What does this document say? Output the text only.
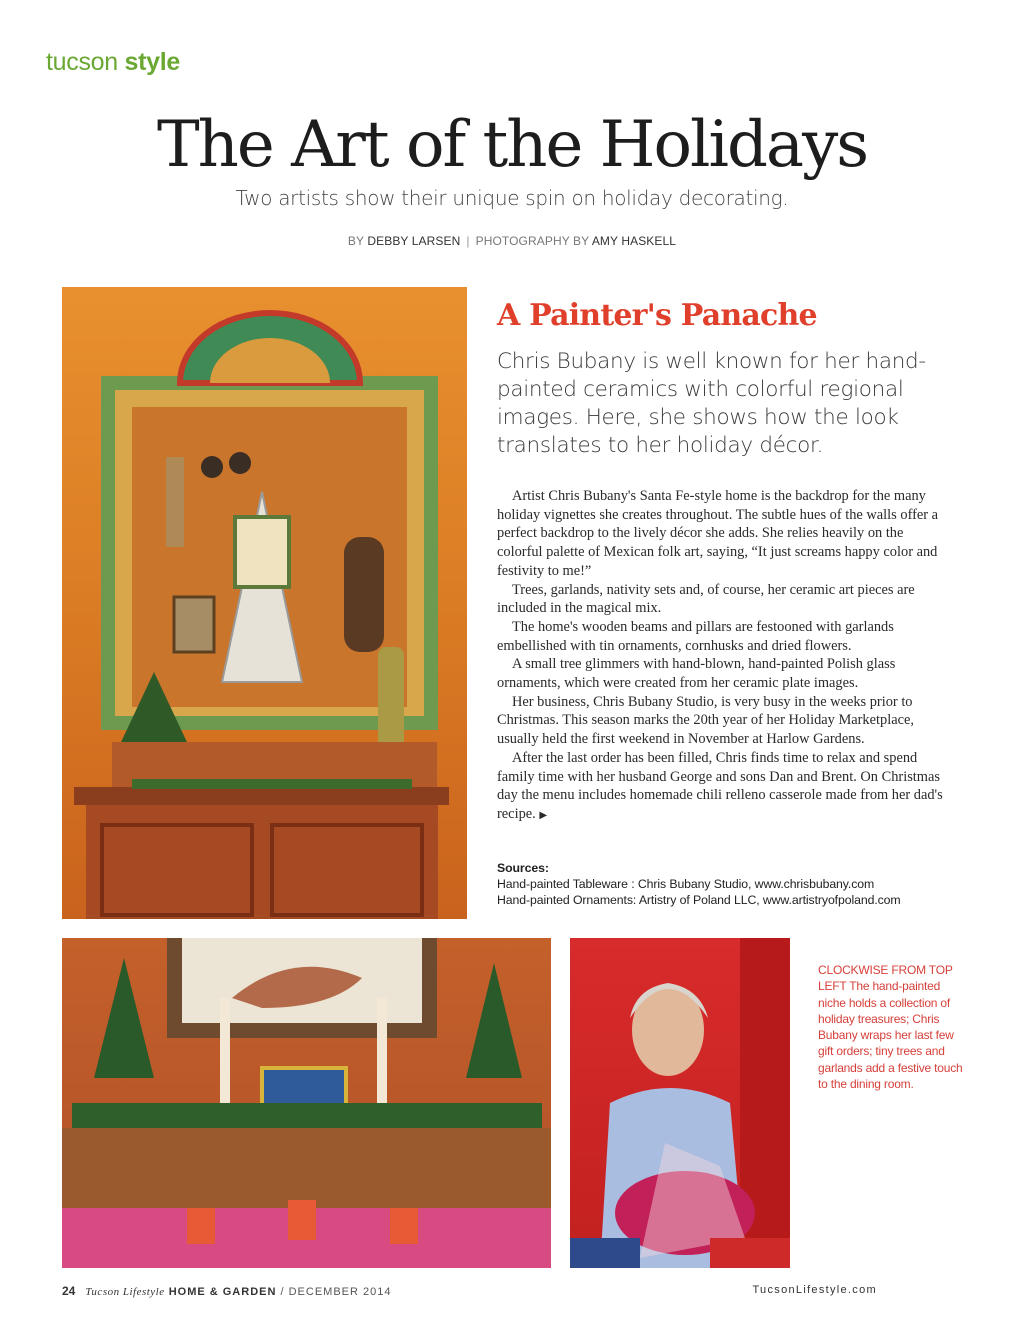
tucson style
The Art of the Holidays
Two artists show their unique spin on holiday decorating.
BY DEBBY LARSEN | PHOTOGRAPHY BY AMY HASKELL
A Painter's Panache
Chris Bubany is well known for her hand-painted ceramics with colorful regional images. Here, she shows how the look translates to her holiday décor.

Artist Chris Bubany's Santa Fe-style home is the backdrop for the many holiday vignettes she creates throughout. The subtle hues of the walls offer a perfect backdrop to the lively décor she adds. She relies heavily on the colorful palette of Mexican folk art, saying, “It just screams happy color and festivity to me!”

Trees, garlands, nativity sets and, of course, her ceramic art pieces are included in the magical mix.

The home's wooden beams and pillars are festooned with garlands embellished with tin ornaments, cornhusks and dried flowers.

A small tree glimmers with hand-blown, hand-painted Polish glass ornaments, which were created from her ceramic plate images.

Her business, Chris Bubany Studio, is very busy in the weeks prior to Christmas. This season marks the 20th year of her Holiday Marketplace, usually held the first weekend in November at Harlow Gardens.

After the last order has been filled, Chris finds time to relax and spend family time with her husband George and sons Dan and Brent. On Christmas day the menu includes homemade chili relleno casserole made from her dad's recipe. ▶

Sources:
Hand-painted Tableware : Chris Bubany Studio, www.chrisbubany.com
Hand-painted Ornaments: Artistry of Poland LLC, www.artistryofpoland.com
CLOCKWISE FROM TOP LEFT The hand-painted niche holds a collection of holiday treasures; Chris Bubany wraps her last few gift orders; tiny trees and garlands add a festive touch to the dining room.
24 Tucson Lifestyle HOME & GARDEN / DECEMBER 2014	TucsonLifestyle.com
